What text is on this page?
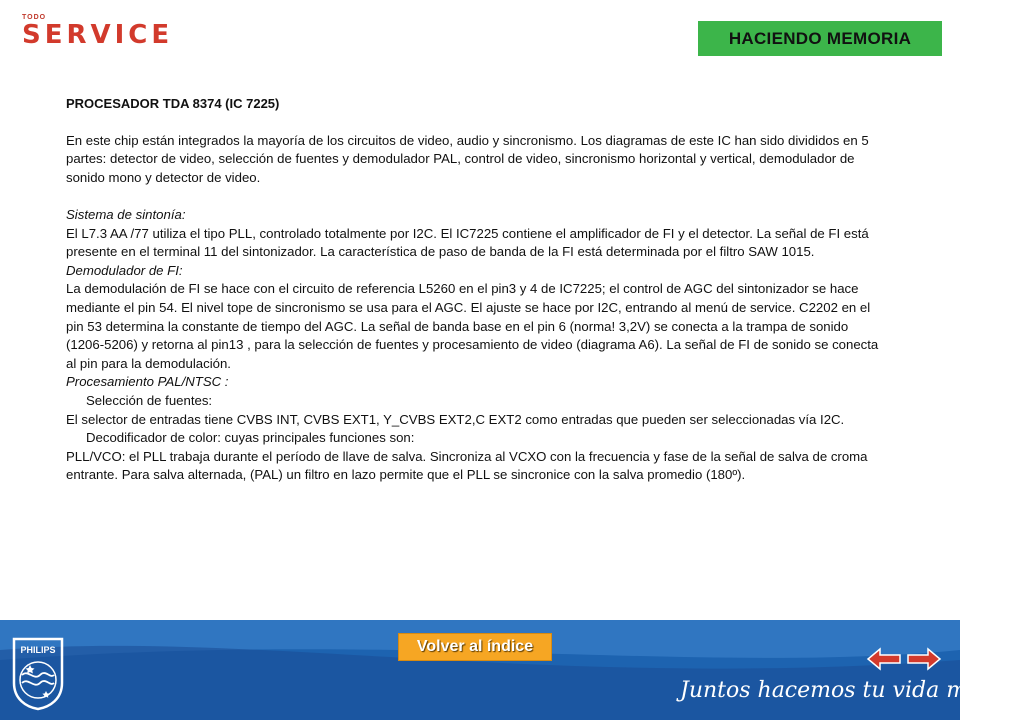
TODO
SERVICE	HACIENDO MEMORIA

PROCESADOR TDA 8374 (IC 7225)

En este chip están integrados la mayoría de los circuitos de video, audio y sincronismo. Los diagramas de este IC han sido divididos en 5 partes: detector de video, selección de fuentes y demodulador PAL, control de video, sincronismo horizontal y vertical, demodulador de sonido mono y detector de video.

Sistema de sintonía:

El L7.3 AA /77 utiliza el tipo PLL, controlado totalmente por I2C. El IC7225 contiene el amplificador de FI y el detector. La señal de FI está presente en el terminal 11 del sintonizador. La característica de paso de banda de la FI está determinada por el filtro SAW 1015.

Demodulador de FI:

La demodulación de FI se hace con el circuito de referencia L5260 en el pin3 y 4 de IC7225; el control de AGC del sintonizador se hace mediante el pin 54. El nivel tope de sincronismo se usa para el AGC. El ajuste se hace por I2C, entrando al menú de service. C2202 en el pin 53 determina la constante de tiempo del AGC. La señal de banda base en el pin 6 (norma! 3,2V) se conecta a la trampa de sonido (1206-5206) y retorna al pin13 , para la selección de fuentes y procesamiento de video (diagrama A6). La señal de FI de sonido se conecta al pin para la demodulación.

Procesamiento PAL/NTSC :

Selección de fuentes:

El selector de entradas tiene CVBS INT, CVBS EXT1, Y_CVBS EXT2,C EXT2 como entradas que pueden ser seleccionadas vía I2C.

Decodificador de color: cuyas principales funciones son:

PLL/VCO: el PLL trabaja durante el período de llave de salva. Sincroniza al VCXO con la frecuencia y fase de la señal de salva de croma entrante. Para salva alternada, (PAL) un filtro en lazo permite que el PLL se sincronice con la salva promedio (180º).

PHILIPS	Volver al índice
Juntos hacemos tu vida mejor
